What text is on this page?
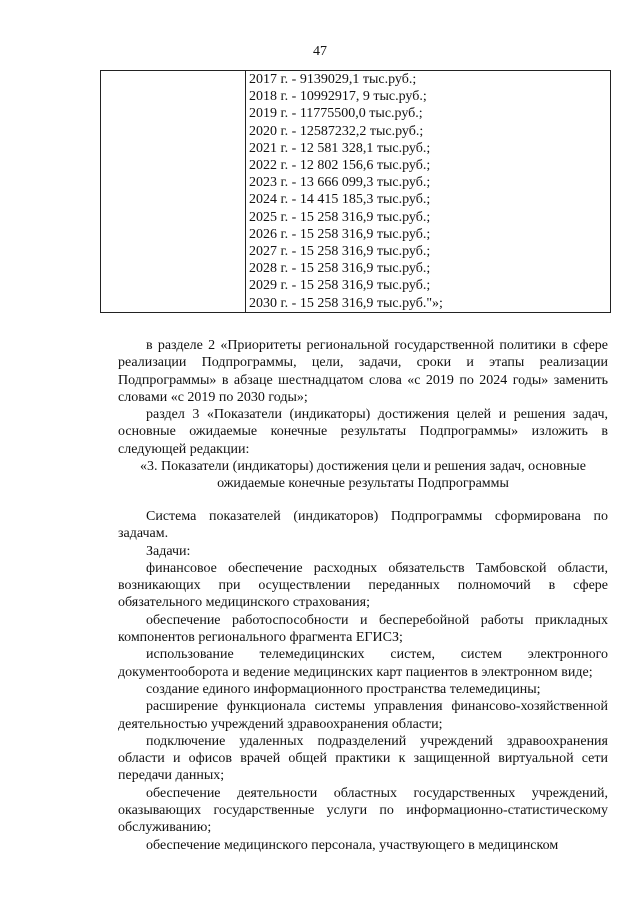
47

2017 г. - 9139029,1 тыс.руб.;
2018 г. - 10992917, 9 тыс.руб.;
2019 г. - 11775500,0 тыс.руб.;
2020 г. - 12587232,2 тыс.руб.;
2021 г. - 12 581 328,1 тыс.руб.;
2022 г. - 12 802 156,6 тыс.руб.;
2023 г. - 13 666 099,3 тыс.руб.;
2024 г. - 14 415 185,3 тыс.руб.;
2025 г. - 15 258 316,9 тыс.руб.;
2026 г. - 15 258 316,9 тыс.руб.;
2027 г. - 15 258 316,9 тыс.руб.;
2028 г. - 15 258 316,9 тыс.руб.;
2029 г. - 15 258 316,9 тыс.руб.;
2030 г. - 15 258 316,9 тыс.руб."»;

в разделе 2 «Приоритеты региональной государственной политики в сфере реализации Подпрограммы, цели, задачи, сроки и этапы реализации Подпрограммы» в абзаце шестнадцатом слова «с 2019 по 2024 годы» заменить словами «с 2019 по 2030 годы»;

раздел 3 «Показатели (индикаторы) достижения целей и решения задач, основные ожидаемые конечные результаты Подпрограммы» изложить в следующей редакции:

«3. Показатели (индикаторы) достижения цели и решения задач, основные ожидаемые конечные результаты Подпрограммы

Система показателей (индикаторов) Подпрограммы сформирована по задачам.

Задачи:

финансовое обеспечение расходных обязательств Тамбовской области, возникающих при осуществлении переданных полномочий в сфере обязательного медицинского страхования;

обеспечение работоспособности и бесперебойной работы прикладных компонентов регионального фрагмента ЕГИСЗ;

использование телемедицинских систем, систем электронного документооборота и ведение медицинских карт пациентов в электронном виде;

создание единого информационного пространства телемедицины;

расширение функционала системы управления финансово-хозяйственной деятельностью учреждений здравоохранения области;

подключение удаленных подразделений учреждений здравоохранения области и офисов врачей общей практики к защищенной виртуальной сети передачи данных;

обеспечение деятельности областных государственных учреждений, оказывающих государственные услуги по информационно-статистическому обслуживанию;

обеспечение медицинского персонала, участвующего в медицинском
